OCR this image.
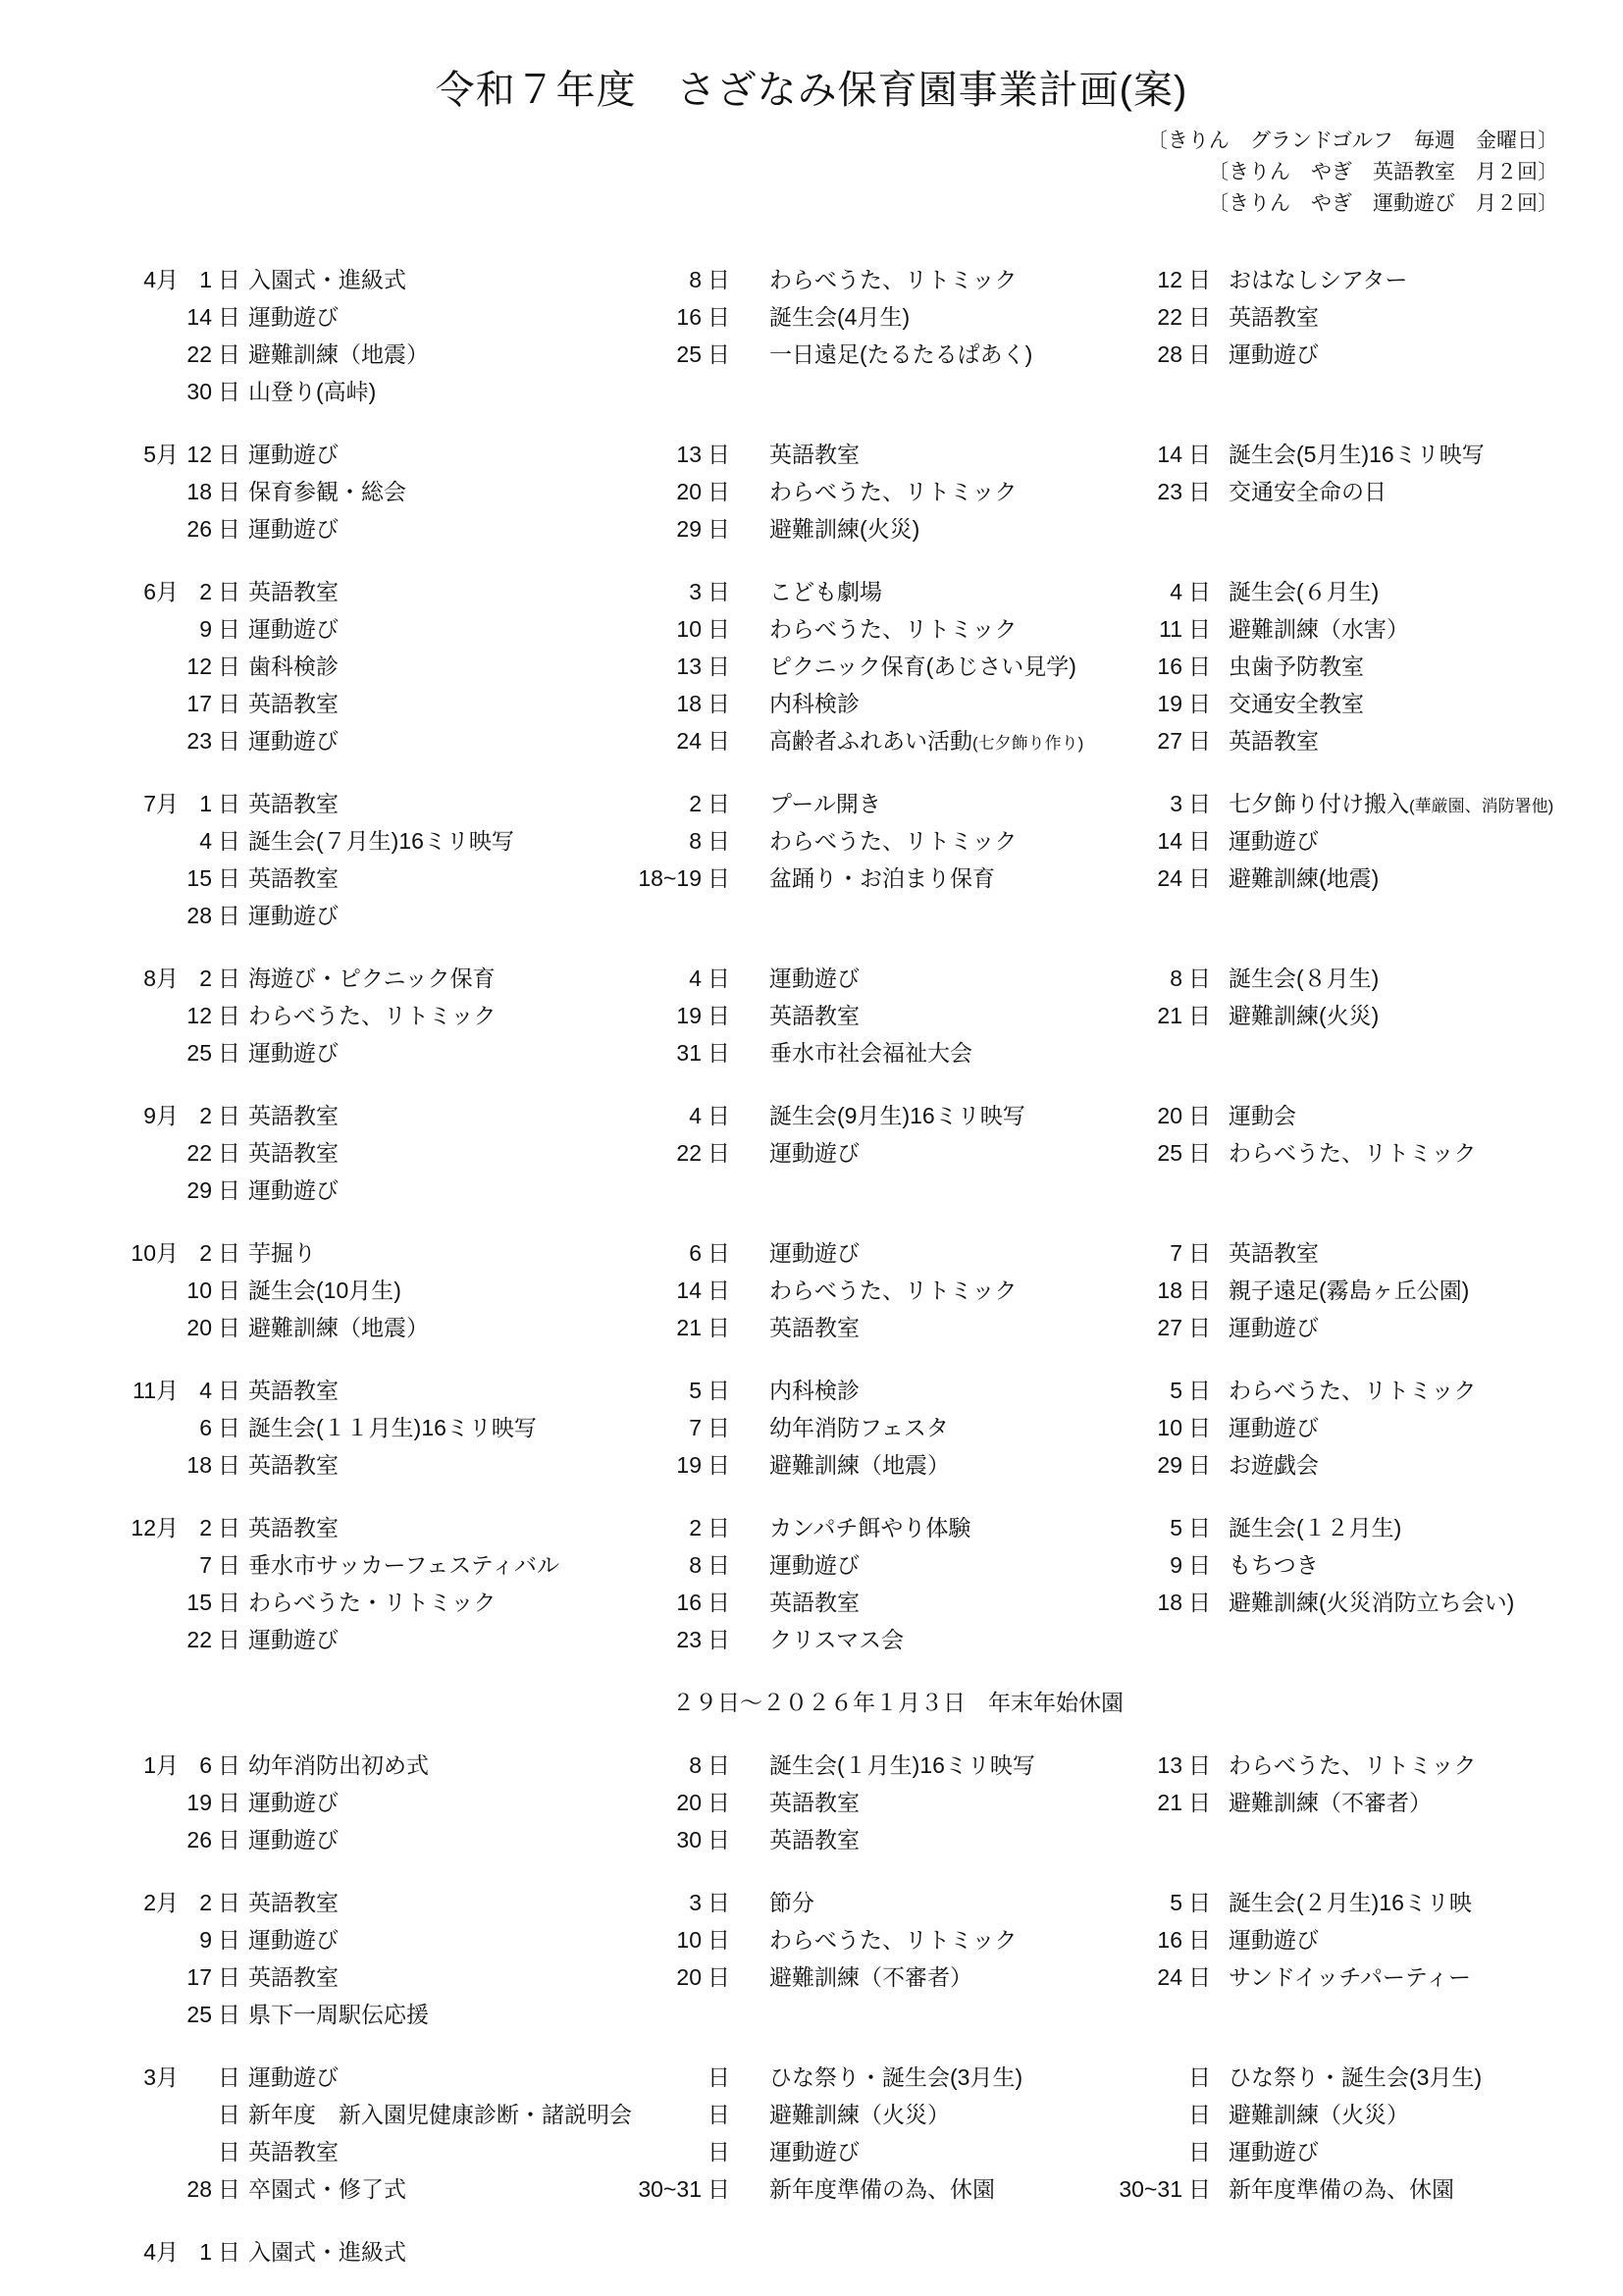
令和７年度　さざなみ保育園事業計画(案)
〔きりん　グランドゴルフ　毎週　金曜日〕
〔きりん　やぎ　英語教室　月２回〕
〔きりん　やぎ　運動遊び　月２回〕
4月 1 日 入園式・進級式	8 日 わらべうた、リトミック	12 日 おはなしシアター
14 日 運動遊び	16 日 誕生会(4月生)	22 日 英語教室
22 日 避難訓練（地震）	25 日 一日遠足(たるたるぱあく)	28 日 運動遊び
30 日 山登り(高峠)
5月 12 日 運動遊び	13 日 英語教室	14 日 誕生会(5月生)16ミリ映写
18 日 保育参観・総会	20 日 わらべうた、リトミック	23 日 交通安全命の日
26 日 運動遊び	29 日 避難訓練(火災)
6月 2 日 英語教室	3 日 こども劇場	4 日 誕生会(６月生)
9 日 運動遊び	10 日 わらべうた、リトミック	11 日 避難訓練（水害）
12 日 歯科検診	13 日 ピクニック保育(あじさい見学)	16 日 虫歯予防教室
17 日 英語教室	18 日 内科検診	19 日 交通安全教室
23 日 運動遊び	24 日 高齢者ふれあい活動(七夕飾り作り)	27 日 英語教室
7月 1 日 英語教室	2 日 プール開き	3 日 七夕飾り付け搬入(華厳園、消防署他)
4 日 誕生会(７月生)16ミリ映写	8 日 わらべうた、リトミック	14 日 運動遊び
15 日 英語教室	18~19 日 盆踊り・お泊まり保育	24 日 避難訓練(地震)
28 日 運動遊び
8月 2 日 海遊び・ピクニック保育	4 日 運動遊び	8 日 誕生会(８月生)
12 日 わらべうた、リトミック	19 日 英語教室	21 日 避難訓練(火災)
25 日 運動遊び	31 日 垂水市社会福祉大会
9月 2 日 英語教室	4 日 誕生会(9月生)16ミリ映写	20 日 運動会
22 日 英語教室	22 日 運動遊び	25 日 わらべうた、リトミック
29 日 運動遊び
10月 2 日 芋掘り	6 日 運動遊び	7 日 英語教室
10 日 誕生会(10月生)	14 日 わらべうた、リトミック	18 日 親子遠足(霧島ヶ丘公園)
20 日 避難訓練（地震）	21 日 英語教室	27 日 運動遊び
11月 4 日 英語教室	5 日 内科検診	5 日 わらべうた、リトミック
6 日 誕生会(１１月生)16ミリ映写	7 日 幼年消防フェスタ	10 日 運動遊び
18 日 英語教室	19 日 避難訓練（地震）	29 日 お遊戯会
12月 2 日 英語教室	2 日 カンパチ餌やり体験	5 日 誕生会(１２月生)
7 日 垂水市サッカーフェスティバル	8 日 運動遊び	9 日 もちつき
15 日 わらべうた・リトミック	16 日 英語教室	18 日 避難訓練(火災消防立ち会い)
22 日 運動遊び	23 日 クリスマス会
２９日～２０２６年１月３日　年末年始休園
1月 6 日 幼年消防出初め式	8 日 誕生会(１月生)16ミリ映写	13 日 わらべうた、リトミック
19 日 運動遊び	20 日 英語教室	21 日 避難訓練（不審者）
26 日 運動遊び	30 日 英語教室
2月 2 日 英語教室	3 日 節分	5 日 誕生会(２月生)16ミリ映
9 日 運動遊び	10 日 わらべうた、リトミック	16 日 運動遊び
17 日 英語教室	20 日 避難訓練（不審者）	24 日 サンドイッチパーティー
25 日 県下一周駅伝応援
3月	日 運動遊び	日 ひな祭り・誕生会(3月生)	日 ひな祭り・誕生会(3月生)
日 新年度　新入園児健康診断・諸説明会	日 避難訓練（火災）	日 避難訓練（火災）
日 英語教室	日 運動遊び	日 運動遊び
28 日 卒園式・修了式	30~31 日 新年度準備の為、休園	30~31 日 新年度準備の為、休園
4月 1 日 入園式・進級式
